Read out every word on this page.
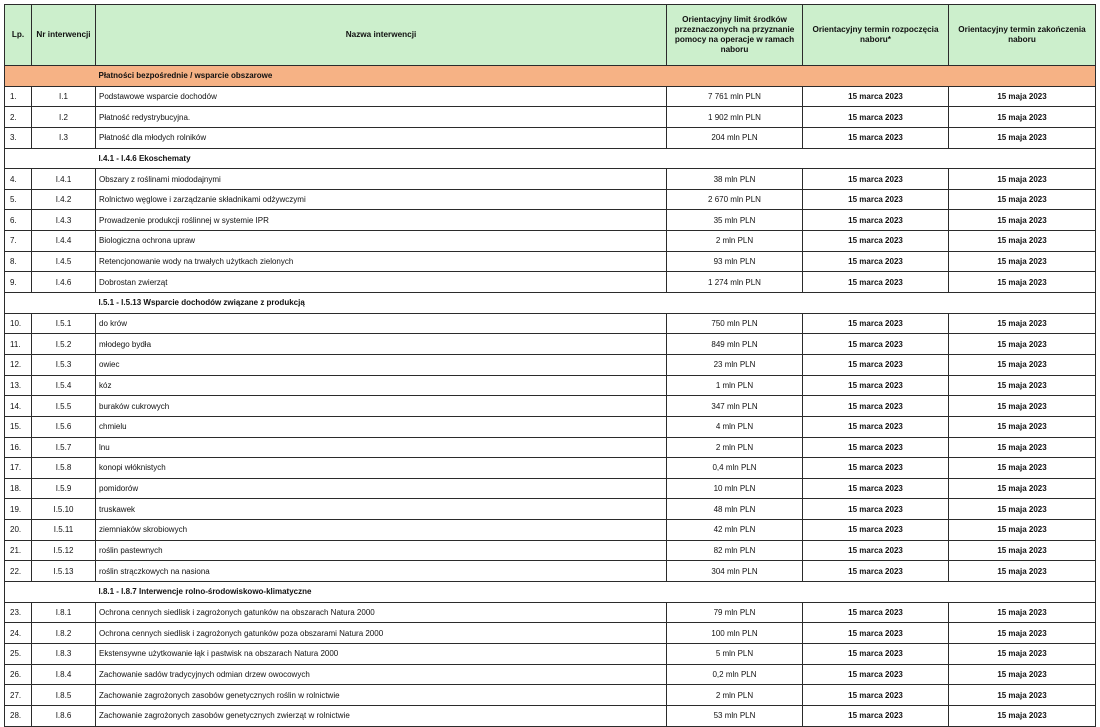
Lp.	Nr interwencji	Nazwa interwencji	Orientacyjny limit środków przeznaczonych na przyznanie pomocy na operacje w ramach naboru	Orientacyjny termin rozpoczęcia naboru*	Orientacyjny termin zakończenia naboru
		Płatności bezpośrednie / wsparcie obszarowe			
1.	I.1	Podstawowe wsparcie dochodów	7 761 mln PLN	15 marca 2023	15 maja 2023
2.	I.2	Płatność redystrybucyjna.	1 902 mln PLN	15 marca 2023	15 maja 2023
3.	I.3	Płatność dla młodych rolników	204 mln PLN	15 marca 2023	15 maja 2023
		I.4.1 - I.4.6 Ekoschematy			
4.	I.4.1	Obszary z roślinami miododajnymi	38 mln PLN	15 marca 2023	15 maja 2023
5.	I.4.2	Rolnictwo węglowe i zarządzanie składnikami odżywczymi	2 670 mln PLN	15 marca 2023	15 maja 2023
6.	I.4.3	Prowadzenie produkcji roślinnej w systemie IPR	35 mln PLN	15 marca 2023	15 maja 2023
7.	I.4.4	Biologiczna ochrona upraw	2 mln PLN	15 marca 2023	15 maja 2023
8.	I.4.5	Retencjonowanie wody na trwałych użytkach zielonych	93 mln PLN	15 marca 2023	15 maja 2023
9.	I.4.6	Dobrostan zwierząt	1 274 mln PLN	15 marca 2023	15 maja 2023
		I.5.1 - I.5.13 Wsparcie dochodów związane z produkcją			
10.	I.5.1	do krów	750 mln PLN	15 marca 2023	15 maja 2023
11.	I.5.2	młodego bydła	849 mln PLN	15 marca 2023	15 maja 2023
12.	I.5.3	owiec	23 mln PLN	15 marca 2023	15 maja 2023
13.	I.5.4	kóz	1 mln PLN	15 marca 2023	15 maja 2023
14.	I.5.5	buraków cukrowych	347 mln PLN	15 marca 2023	15 maja 2023
15.	I.5.6	chmielu	4 mln PLN	15 marca 2023	15 maja 2023
16.	I.5.7	lnu	2 mln PLN	15 marca 2023	15 maja 2023
17.	I.5.8	konopi włóknistych	0,4 mln PLN	15 marca 2023	15 maja 2023
18.	I.5.9	pomidorów	10 mln PLN	15 marca 2023	15 maja 2023
19.	I.5.10	truskawek	48 mln PLN	15 marca 2023	15 maja 2023
20.	I.5.11	ziemniaków skrobiowych	42 mln PLN	15 marca 2023	15 maja 2023
21.	I.5.12	roślin pastewnych	82 mln PLN	15 marca 2023	15 maja 2023
22.	I.5.13	roślin strączkowych na nasiona	304 mln PLN	15 marca 2023	15 maja 2023
		I.8.1 - I.8.7 Interwencje rolno-środowiskowo-klimatyczne			
23.	I.8.1	Ochrona cennych siedlisk i zagrożonych gatunków na obszarach Natura 2000	79 mln PLN	15 marca 2023	15 maja 2023
24.	I.8.2	Ochrona cennych siedlisk i zagrożonych gatunków poza obszarami Natura 2000	100 mln PLN	15 marca 2023	15 maja 2023
25.	I.8.3	Ekstensywne użytkowanie łąk i pastwisk na obszarach Natura 2000	5 mln PLN	15 marca 2023	15 maja 2023
26.	I.8.4	Zachowanie sadów tradycyjnych odmian drzew owocowych	0,2 mln PLN	15 marca 2023	15 maja 2023
27.	I.8.5	Zachowanie zagrożonych zasobów genetycznych roślin w rolnictwie	2 mln PLN	15 marca 2023	15 maja 2023
28.	I.8.6	Zachowanie zagrożonych zasobów genetycznych zwierząt w rolnictwie	53 mln PLN	15 marca 2023	15 maja 2023
